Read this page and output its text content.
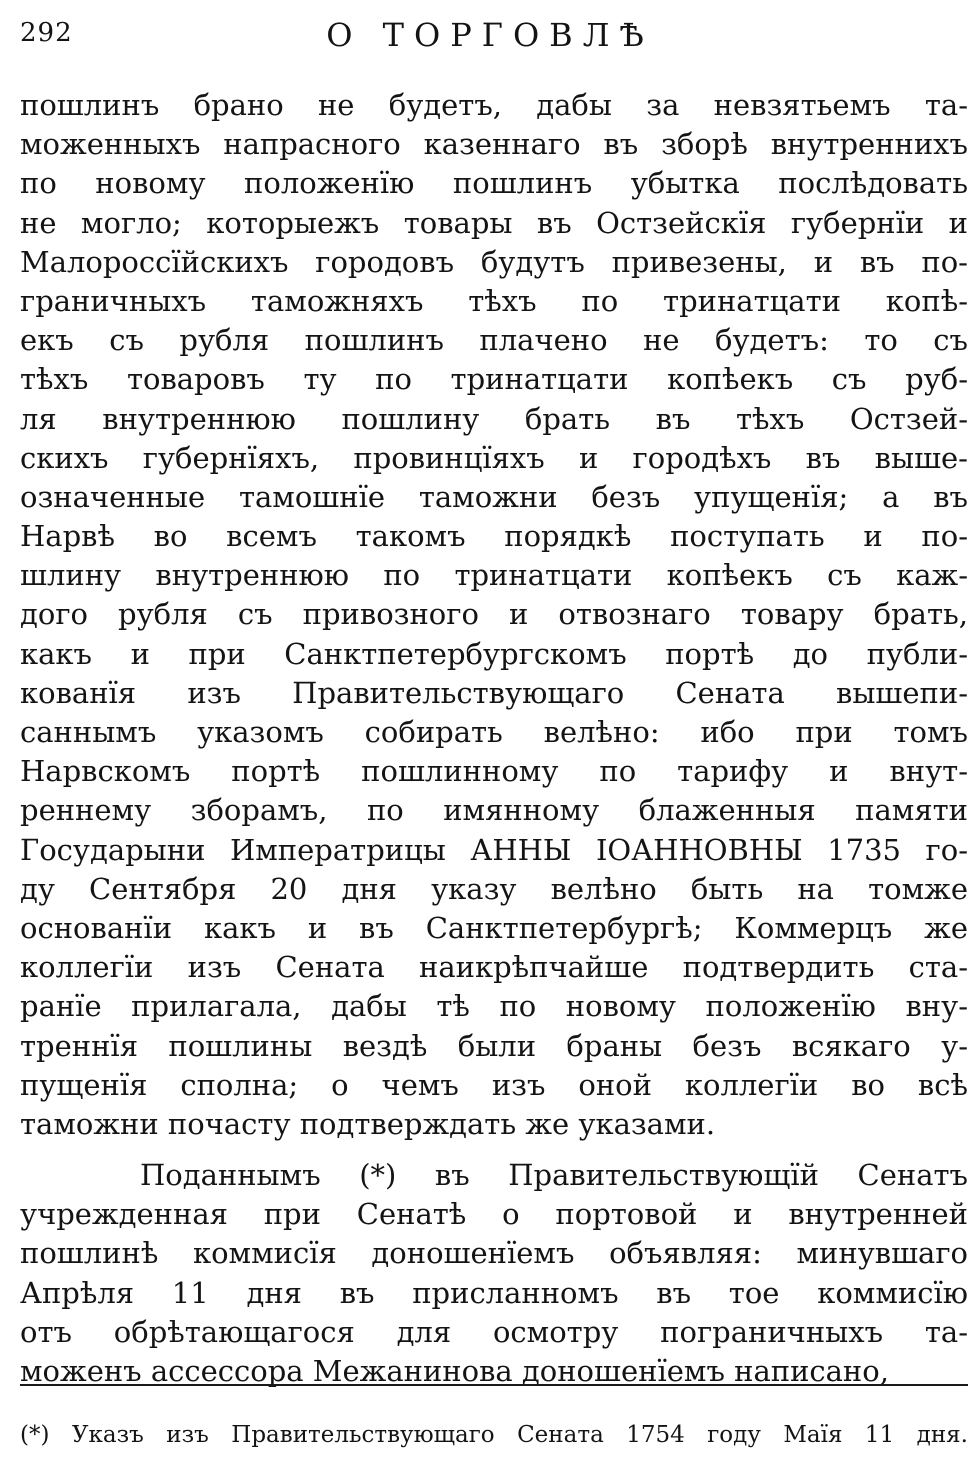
292	О ТОРГОВЛѢ
пошлинъ брано не будетъ, дабы за невзятьемъ та-
моженныхъ напрасного казеннаго въ зборѣ внутреннихъ
по новому положенїю пошлинъ убытка послѣдовать
не могло; которыежъ товары въ Остзейскїя губернїи и
Малороссїйскихъ городовъ будутъ привезены, и въ по-
граничныхъ таможняхъ тѣхъ по тринатцати копѣ-
екъ съ рубля пошлинъ плачено не будетъ: то съ
тѣхъ товаровъ ту по тринатцати копѣекъ съ руб-
ля внутреннюю пошлину брать въ тѣхъ Остзей-
скихъ губернїяхъ, провинцїяхъ и городѣхъ въ выше-
означенные тамошнїе таможни безъ упущенїя; а въ
Нарвѣ во всемъ такомъ порядкѣ поступать и по-
шлину внутреннюю по тринатцати копѣекъ съ каж-
дого рубля съ привозного и отвознаго товару брать,
какъ и при Санктпетербургскомъ портѣ до публи-
кованїя изъ Правительствующаго Сената вышепи-
саннымъ указомъ собирать велѣно: ибо при томъ
Нарвскомъ портѣ пошлинному по тарифу и внут-
реннему зборамъ, по имянному блаженныя памяти
Государыни Императрицы АННЫ ІОАННОВНЫ 1735 го-
ду Сентября 20 дня указу велѣно быть на томже
основанїи какъ и въ Санктпетербургѣ; Коммерцъ же
коллегїи изъ Сената наикрѣпчайше подтвердить ста-
ранїе прилагала, дабы тѣ по новому положенїю вну-
треннїя пошлины вездѣ были браны безъ всякаго у-
пущенїя сполна; о чемъ изъ оной коллегїи во всѣ
таможни почасту подтверждать же указами.
Поданнымъ (*) въ Правительствующїй Сенатъ
учрежденная при Сенатѣ о портовой и внутренней
пошлинѣ коммисїя доношенїемъ объявляя: минувшаго
Апрѣля 11 дня въ присланномъ въ тое коммисїю
отъ обрѣтающагося для осмотру пограничныхъ та-
моженъ ассессора Межанинова доношенїемъ написано,
(*) Указъ изъ Правительствующаго Сената 1754 году Маїя 11 дня.
